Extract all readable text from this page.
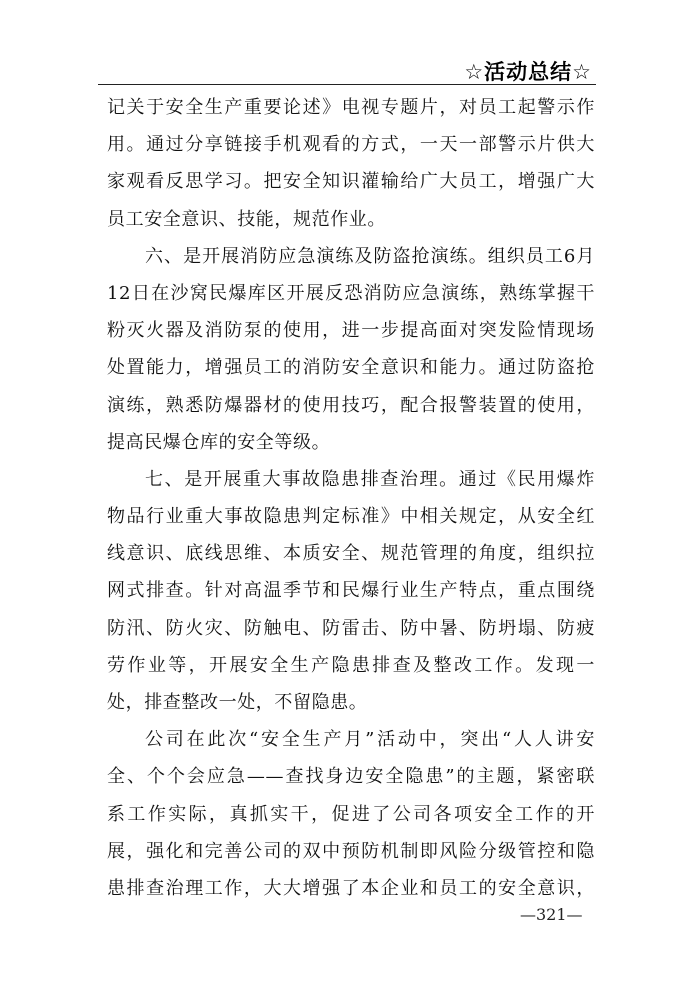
☆活动总结☆
记关于安全生产重要论述》电视专题片，对员工起警示作
用。通过分享链接手机观看的方式，一天一部警示片供大
家观看反思学习。把安全知识灌输给广大员工，增强广大
员工安全意识、技能，规范作业。
六、是开展消防应急演练及防盗抢演练。组织员工6月
12日在沙窝民爆库区开展反恐消防应急演练，熟练掌握干
粉灭火器及消防泵的使用，进一步提高面对突发险情现场
处置能力，增强员工的消防安全意识和能力。通过防盗抢
演练，熟悉防爆器材的使用技巧，配合报警装置的使用，
提高民爆仓库的安全等级。
七、是开展重大事故隐患排查治理。通过《民用爆炸
物品行业重大事故隐患判定标准》中相关规定，从安全红
线意识、底线思维、本质安全、规范管理的角度，组织拉
网式排查。针对高温季节和民爆行业生产特点，重点围绕
防汛、防火灾、防触电、防雷击、防中暑、防坍塌、防疲
劳作业等，开展安全生产隐患排查及整改工作。发现一
处，排查整改一处，不留隐患。
公司在此次“安全生产月”活动中，突出“人人讲安
全、个个会应急——查找身边安全隐患”的主题，紧密联
系工作实际，真抓实干，促进了公司各项安全工作的开
展，强化和完善公司的双中预防机制即风险分级管控和隐
患排查治理工作，大大增强了本企业和员工的安全意识，
—321—
